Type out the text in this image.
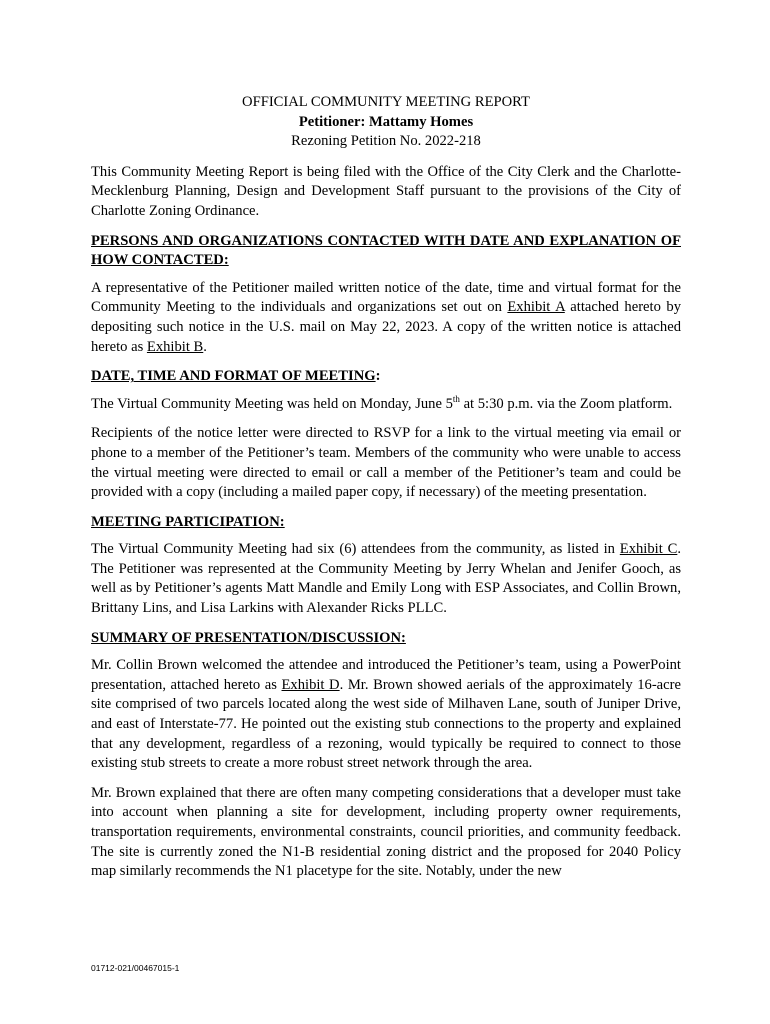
OFFICIAL COMMUNITY MEETING REPORT
Petitioner: Mattamy Homes
Rezoning Petition No. 2022-218

This Community Meeting Report is being filed with the Office of the City Clerk and the Charlotte-Mecklenburg Planning, Design and Development Staff pursuant to the provisions of the City of Charlotte Zoning Ordinance.

PERSONS AND ORGANIZATIONS CONTACTED WITH DATE AND EXPLANATION OF HOW CONTACTED:

A representative of the Petitioner mailed written notice of the date, time and virtual format for the Community Meeting to the individuals and organizations set out on Exhibit A attached hereto by depositing such notice in the U.S. mail on May 22, 2023. A copy of the written notice is attached hereto as Exhibit B.

DATE, TIME AND FORMAT OF MEETING:

The Virtual Community Meeting was held on Monday, June 5th at 5:30 p.m. via the Zoom platform.

Recipients of the notice letter were directed to RSVP for a link to the virtual meeting via email or phone to a member of the Petitioner’s team. Members of the community who were unable to access the virtual meeting were directed to email or call a member of the Petitioner’s team and could be provided with a copy (including a mailed paper copy, if necessary) of the meeting presentation.

MEETING PARTICIPATION:

The Virtual Community Meeting had six (6) attendees from the community, as listed in Exhibit C. The Petitioner was represented at the Community Meeting by Jerry Whelan and Jenifer Gooch, as well as by Petitioner’s agents Matt Mandle and Emily Long with ESP Associates, and Collin Brown, Brittany Lins, and Lisa Larkins with Alexander Ricks PLLC.

SUMMARY OF PRESENTATION/DISCUSSION:

Mr. Collin Brown welcomed the attendee and introduced the Petitioner’s team, using a PowerPoint presentation, attached hereto as Exhibit D. Mr. Brown showed aerials of the approximately 16-acre site comprised of two parcels located along the west side of Milhaven Lane, south of Juniper Drive, and east of Interstate-77. He pointed out the existing stub connections to the property and explained that any development, regardless of a rezoning, would typically be required to connect to those existing stub streets to create a more robust street network through the area.

Mr. Brown explained that there are often many competing considerations that a developer must take into account when planning a site for development, including property owner requirements, transportation requirements, environmental constraints, council priorities, and community feedback. The site is currently zoned the N1-B residential zoning district and the proposed for 2040 Policy map similarly recommends the N1 placetype for the site. Notably, under the new

01712-021/00467015-1
